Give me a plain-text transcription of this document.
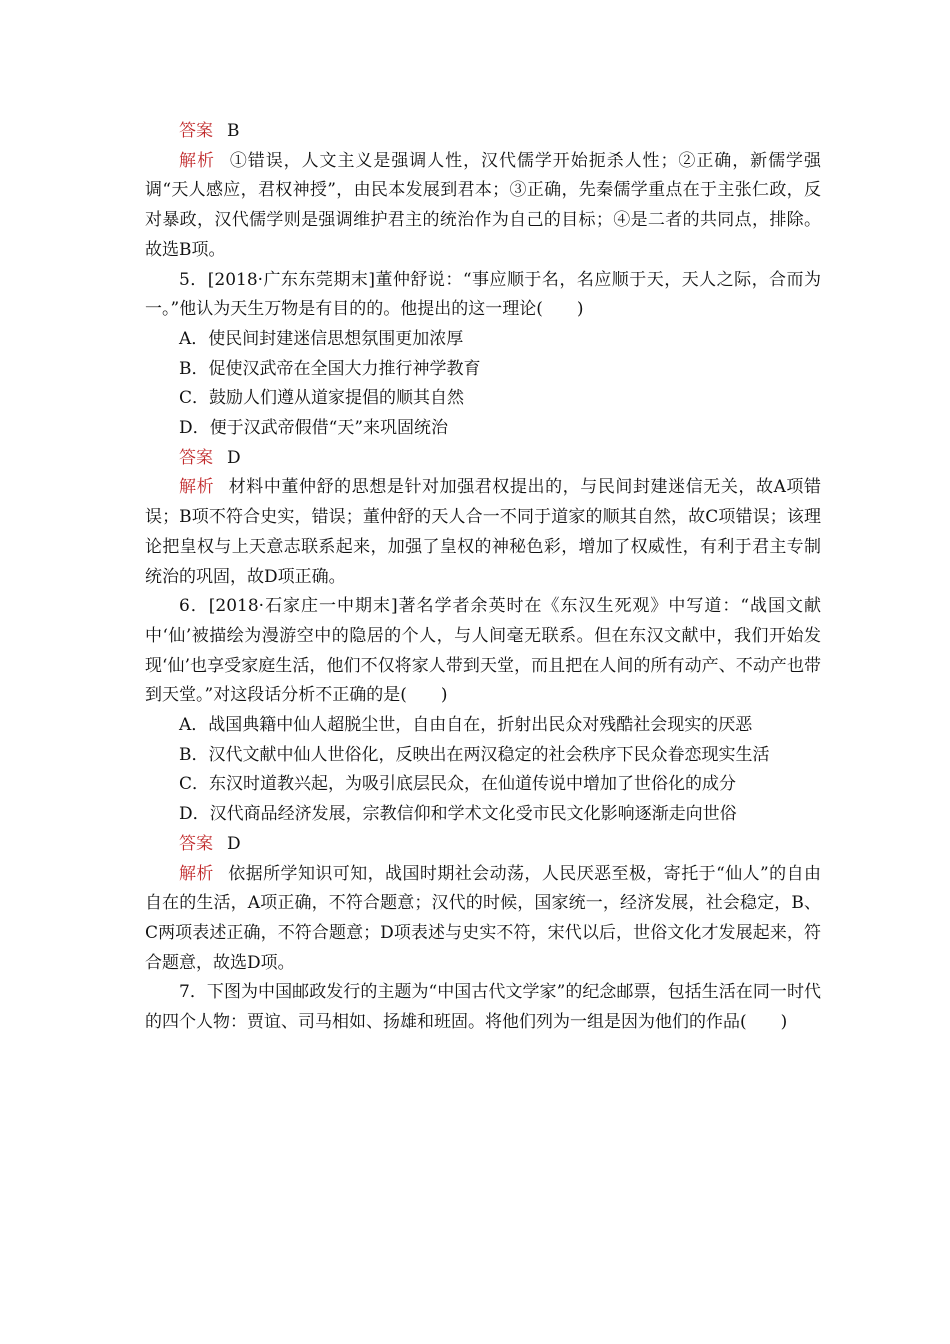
答案 B

解析 ①错误，人文主义是强调人性，汉代儒学开始扼杀人性；②正确，新儒学强调“天人感应，君权神授”，由民本发展到君本；③正确，先秦儒学重点在于主张仁政，反对暴政，汉代儒学则是强调维护君主的统治作为自己的目标；④是二者的共同点，排除。故选B项。

5．[2018·广东东莞期末]董仲舒说：“事应顺于名，名应顺于天，天人之际，合而为一。”他认为天生万物是有目的的。他提出的这一理论(　　)

A．使民间封建迷信思想氛围更加浓厚

B．促使汉武帝在全国大力推行神学教育

C．鼓励人们遵从道家提倡的顺其自然

D．便于汉武帝假借“天”来巩固统治

答案 D

解析 材料中董仲舒的思想是针对加强君权提出的，与民间封建迷信无关，故A项错误；B项不符合史实，错误；董仲舒的天人合一不同于道家的顺其自然，故C项错误；该理论把皇权与上天意志联系起来，加强了皇权的神秘色彩，增加了权威性，有利于君主专制统治的巩固，故D项正确。

6．[2018·石家庄一中期末]著名学者余英时在《东汉生死观》中写道：“战国文献中‘仙’被描绘为漫游空中的隐居的个人，与人间毫无联系。但在东汉文献中，我们开始发现‘仙’也享受家庭生活，他们不仅将家人带到天堂，而且把在人间的所有动产、不动产也带到天堂。”对这段话分析不正确的是(　　)

A．战国典籍中仙人超脱尘世，自由自在，折射出民众对残酷社会现实的厌恶

B．汉代文献中仙人世俗化，反映出在两汉稳定的社会秩序下民众眷恋现实生活

C．东汉时道教兴起，为吸引底层民众，在仙道传说中增加了世俗化的成分

D．汉代商品经济发展，宗教信仰和学术文化受市民文化影响逐渐走向世俗

答案 D

解析 依据所学知识可知，战国时期社会动荡，人民厌恶至极，寄托于“仙人”的自由自在的生活，A项正确，不符合题意；汉代的时候，国家统一，经济发展，社会稳定，B、C两项表述正确，不符合题意；D项表述与史实不符，宋代以后，世俗文化才发展起来，符合题意，故选D项。

7．下图为中国邮政发行的主题为“中国古代文学家”的纪念邮票，包括生活在同一时代的四个人物：贾谊、司马相如、扬雄和班固。将他们列为一组是因为他们的作品(　　)
